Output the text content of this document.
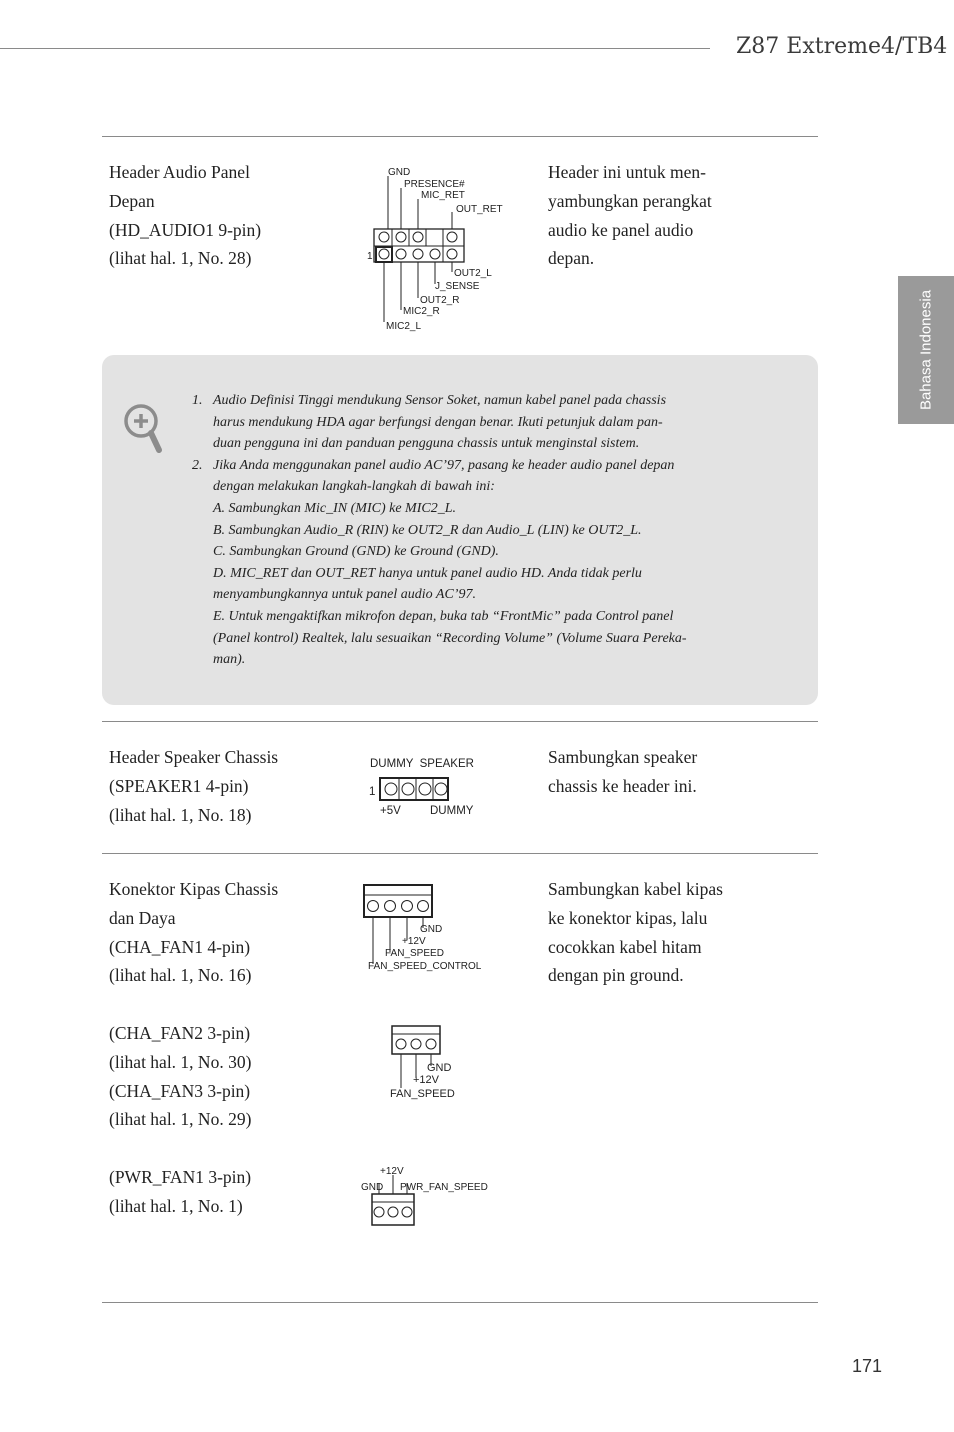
Z87 Extreme4/TB4
Bahasa Indonesia
Header Audio Panel
Depan
(HD_AUDIO1 9-pin)
(lihat hal. 1, No. 28)
Header ini untuk men-
yambungkan perangkat
audio ke panel audio
depan.
GND
PRESENCE#
MIC_RET
OUT_RET
1
OUT2_L
J_SENSE
OUT2_R
MIC2_R
MIC2_L
1. Audio Definisi Tinggi mendukung Sensor Soket, namun kabel panel pada chassis
harus mendukung HDA agar berfungsi dengan benar. Ikuti petunjuk dalam pan-
duan pengguna ini dan panduan pengguna chassis untuk menginstal sistem.
2. Jika Anda menggunakan panel audio AC’97, pasang ke header audio panel depan
dengan melakukan langkah-langkah di bawah ini:
A. Sambungkan Mic_IN (MIC) ke MIC2_L.
B. Sambungkan Audio_R (RIN) ke OUT2_R dan Audio_L (LIN) ke OUT2_L.
C. Sambungkan Ground (GND) ke Ground (GND).
D. MIC_RET dan OUT_RET hanya untuk panel audio HD. Anda tidak perlu
menyambungkannya untuk panel audio AC’97.
E. Untuk mengaktifkan mikrofon depan, buka tab “FrontMic” pada Control panel
(Panel kontrol) Realtek, lalu sesuaikan “Recording Volume” (Volume Suara Pereka-
man).
Header Speaker Chassis
(SPEAKER1 4-pin)
(lihat hal. 1, No. 18)
Sambungkan speaker
chassis ke header ini.
DUMMY  SPEAKER
1
+5V	DUMMY
Konektor Kipas Chassis
dan Daya
(CHA_FAN1 4-pin)
(lihat hal. 1, No. 16)
Sambungkan kabel kipas
ke konektor kipas, lalu
cocokkan kabel hitam
dengan pin ground.
GND
+12V
FAN_SPEED
FAN_SPEED_CONTROL
(CHA_FAN2 3-pin)
(lihat hal. 1, No. 30)
(CHA_FAN3 3-pin)
(lihat hal. 1, No. 29)
GND
+12V
FAN_SPEED
(PWR_FAN1 3-pin)
(lihat hal. 1, No. 1)
+12V
GND PWR_FAN_SPEED
171
